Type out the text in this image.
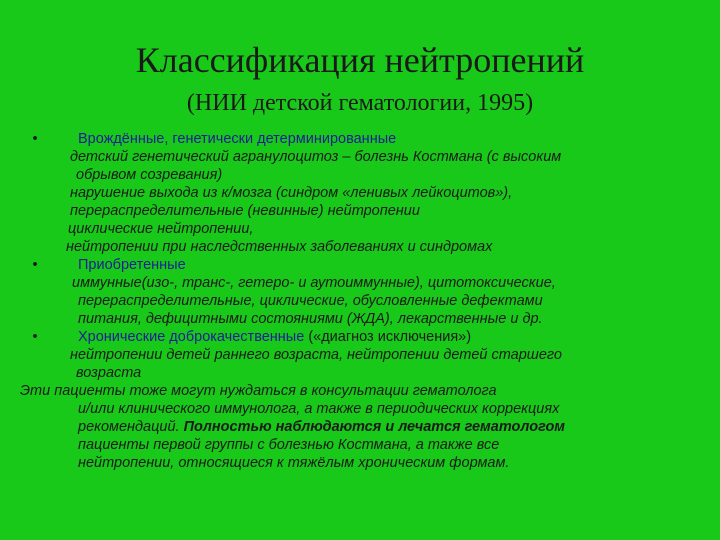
Классификация нейтропений
(НИИ детской гематологии, 1995)
•	Врождённые, генетически детерминированные
детский генетический агранулоцитоз – болезнь Костмана (с высоким
обрывом созревания)
нарушение выхода из к/мозга (синдром «ленивых лейкоцитов»),
перераспределительные (невинные) нейтропении
циклические нейтропении,
нейтропении при наследственных заболеваниях и синдромах
•	Приобретенные
иммунные(изо-, транс-, гетеро- и аутоиммунные), цитотоксические,
перераспределительные, циклические, обусловленные дефектами
питания, дефицитными состояниями (ЖДА), лекарственные и др.
•	Хронические доброкачественные («диагноз исключения»)
нейтропении детей раннего возраста, нейтропении детей старшего
возраста
Эти пациенты тоже могут нуждаться в консультации гематолога
и/или клинического иммунолога, а также в периодических коррекциях
рекомендаций. Полностью наблюдаются и лечатся гематологом
пациенты первой группы с болезнью Костмана, а также все
нейтропении, относящиеся к тяжёлым хроническим формам.
